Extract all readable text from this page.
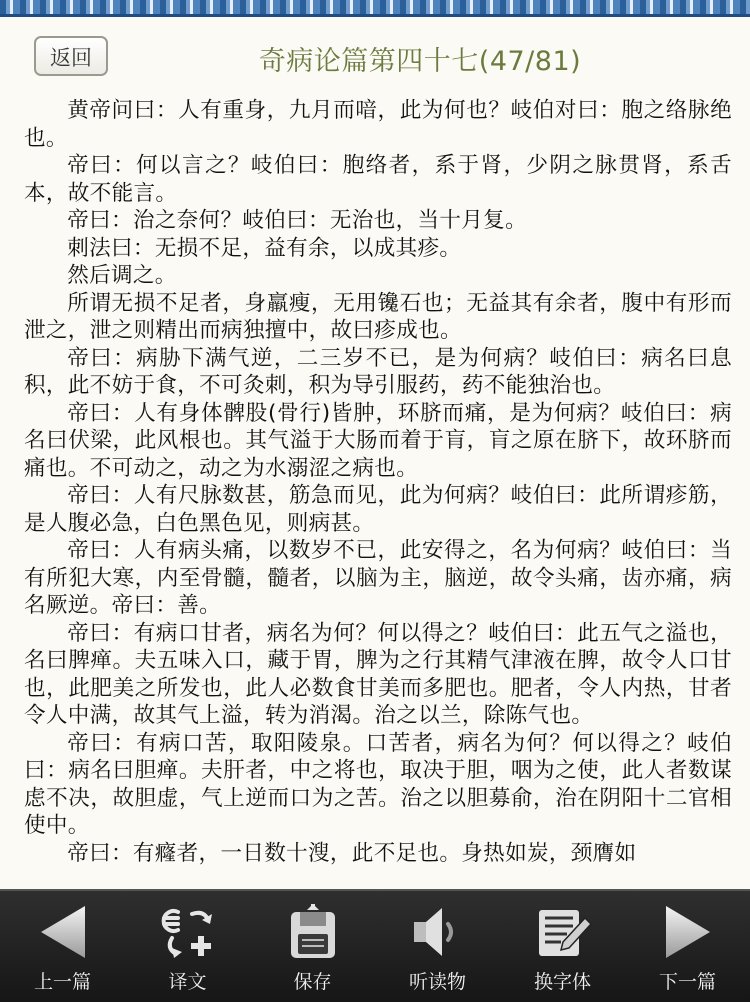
返回	奇病论篇第四十七(47/81)

黄帝问曰：人有重身，九月而喑，此为何也？岐伯对曰：胞之络脉绝也。

帝曰：何以言之？岐伯曰：胞络者，系于肾，少阴之脉贯肾，系舌本，故不能言。

帝曰：治之奈何？岐伯曰：无治也，当十月复。

刺法曰：无损不足，益有余，以成其疹。

然后调之。

所谓无损不足者，身羸瘦，无用镵石也；无益其有余者，腹中有形而泄之，泄之则精出而病独擅中，故曰疹成也。

帝曰：病胁下满气逆，二三岁不已，是为何病？岐伯曰：病名曰息积，此不妨于食，不可灸刺，积为导引服药，药不能独治也。

帝曰：人有身体髀股(骨行)皆肿，环脐而痛，是为何病？岐伯曰：病名曰伏梁，此风根也。其气溢于大肠而着于肓，肓之原在脐下，故环脐而痛也。不可动之，动之为水溺涩之病也。

帝曰：人有尺脉数甚，筋急而见，此为何病？岐伯曰：此所谓疹筋，是人腹必急，白色黑色见，则病甚。

帝曰：人有病头痛，以数岁不已，此安得之，名为何病？岐伯曰：当有所犯大寒，内至骨髓，髓者，以脑为主，脑逆，故令头痛，齿亦痛，病名厥逆。帝曰：善。

帝曰：有病口甘者，病名为何？何以得之？岐伯曰：此五气之溢也，名曰脾瘅。夫五味入口，藏于胃，脾为之行其精气津液在脾，故令人口甘也，此肥美之所发也，此人必数食甘美而多肥也。肥者，令人内热，甘者令人中满，故其气上溢，转为消渴。治之以兰，除陈气也。

帝曰：有病口苦，取阳陵泉。口苦者，病名为何？何以得之？岐伯曰：病名曰胆瘅。夫肝者，中之将也，取决于胆，咽为之使，此人者数谋虑不决，故胆虚，气上逆而口为之苦。治之以胆募俞，治在阴阳十二官相使中。

帝曰：有癃者，一日数十溲，此不足也。身热如炭，颈膺如

上一篇	译文	保存	听读物	换字体	下一篇
